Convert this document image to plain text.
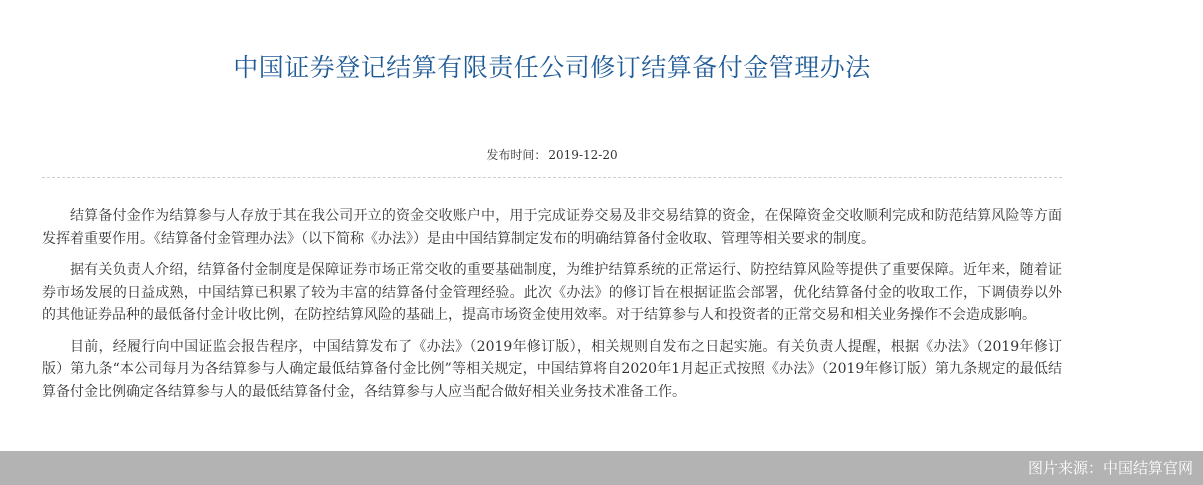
中国证券登记结算有限责任公司修订结算备付金管理办法
发布时间： 2019-12-20

结算备付金作为结算参与人存放于其在我公司开立的资金交收账户中，用于完成证券交易及非交易结算的资金，在保障资金交收顺利完成和防范结算风险等方面发挥着重要作用。《结算备付金管理办法》（以下简称《办法》）是由中国结算制定发布的明确结算备付金收取、管理等相关要求的制度。

据有关负责人介绍，结算备付金制度是保障证券市场正常交收的重要基础制度，为维护结算系统的正常运行、防控结算风险等提供了重要保障。近年来，随着证券市场发展的日益成熟，中国结算已积累了较为丰富的结算备付金管理经验。此次《办法》的修订旨在根据证监会部署，优化结算备付金的收取工作，下调债券以外的其他证券品种的最低备付金计收比例，在防控结算风险的基础上，提高市场资金使用效率。对于结算参与人和投资者的正常交易和相关业务操作不会造成影响。

目前，经履行向中国证监会报告程序，中国结算发布了《办法》（2019年修订版），相关规则自发布之日起实施。有关负责人提醒，根据《办法》（2019年修订版）第九条“本公司每月为各结算参与人确定最低结算备付金比例”等相关规定，中国结算将自2020年1月起正式按照《办法》（2019年修订版）第九条规定的最低结算备付金比例确定各结算参与人的最低结算备付金，各结算参与人应当配合做好相关业务技术准备工作。

图片来源：中国结算官网
